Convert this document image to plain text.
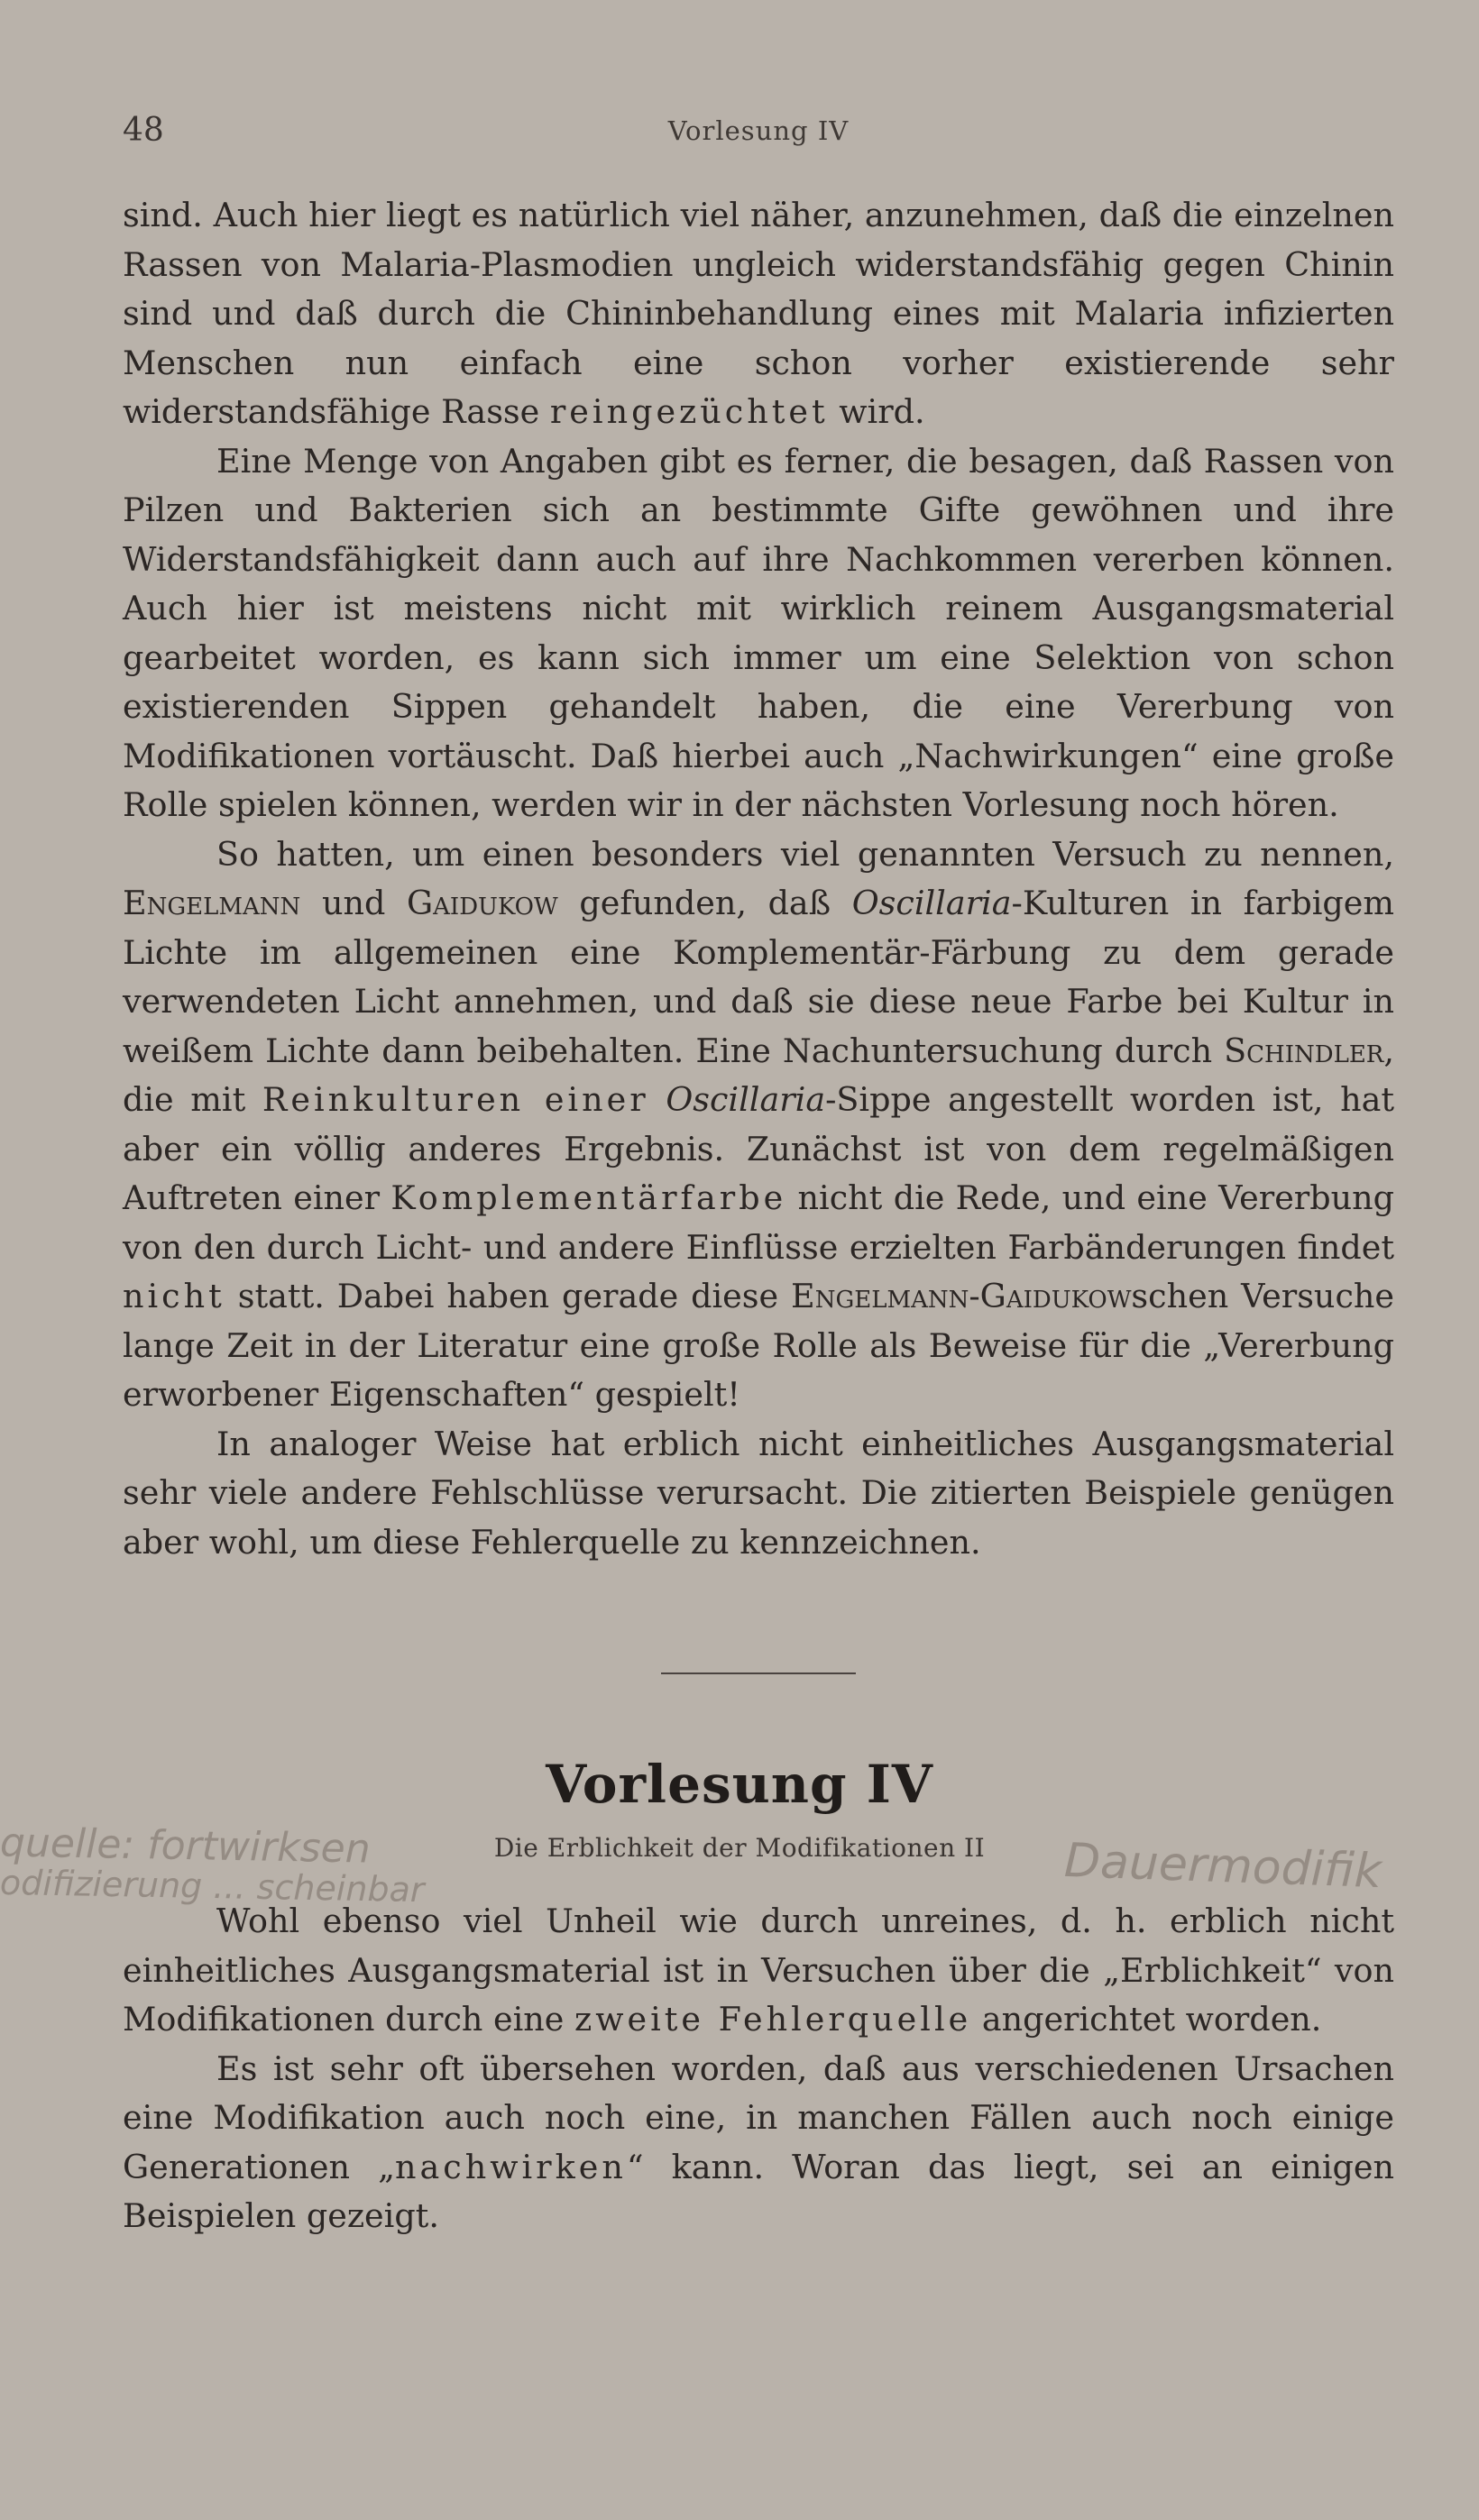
48	Vorlesung IV

sind. Auch hier liegt es natürlich viel näher, anzunehmen, daß die einzelnen Rassen von Malaria-Plasmodien ungleich widerstandsfähig gegen Chinin sind und daß durch die Chininbehandlung eines mit Malaria infizierten Menschen nun einfach eine schon vorher existierende sehr widerstandsfähige Rasse reingezüchtet wird.

Eine Menge von Angaben gibt es ferner, die besagen, daß Rassen von Pilzen und Bakterien sich an bestimmte Gifte gewöhnen und ihre Widerstandsfähigkeit dann auch auf ihre Nachkommen vererben können. Auch hier ist meistens nicht mit wirklich reinem Ausgangsmaterial gearbeitet worden, es kann sich immer um eine Selektion von schon existierenden Sippen gehandelt haben, die eine Vererbung von Modifikationen vortäuscht. Daß hierbei auch „Nachwirkungen“ eine große Rolle spielen können, werden wir in der nächsten Vorlesung noch hören.

So hatten, um einen besonders viel genannten Versuch zu nennen, Engelmann und Gaidukow gefunden, daß Oscillaria-Kulturen in farbigem Lichte im allgemeinen eine Komplementär-Färbung zu dem gerade verwendeten Licht annehmen, und daß sie diese neue Farbe bei Kultur in weißem Lichte dann beibehalten. Eine Nachuntersuchung durch Schindler, die mit Reinkulturen einer Oscillaria-Sippe angestellt worden ist, hat aber ein völlig anderes Ergebnis. Zunächst ist von dem regelmäßigen Auftreten einer Komplementärfarbe nicht die Rede, und eine Vererbung von den durch Licht- und andere Einflüsse erzielten Farbänderungen findet nicht statt. Dabei haben gerade diese Engelmann-Gaidukowschen Versuche lange Zeit in der Literatur eine große Rolle als Beweise für die „Vererbung erworbener Eigenschaften“ gespielt!

In analoger Weise hat erblich nicht einheitliches Ausgangsmaterial sehr viele andere Fehlschlüsse verursacht. Die zitierten Beispiele genügen aber wohl, um diese Fehlerquelle zu kennzeichnen.

Vorlesung IV
Die Erblichkeit der Modifikationen II
quelle: fortwirksen
odifizierung ... scheinbar	Dauermodifik

Wohl ebenso viel Unheil wie durch unreines, d. h. erblich nicht einheitliches Ausgangsmaterial ist in Versuchen über die „Erblichkeit“ von Modifikationen durch eine zweite Fehlerquelle angerichtet worden.

Es ist sehr oft übersehen worden, daß aus verschiedenen Ursachen eine Modifikation auch noch eine, in manchen Fällen auch noch einige Generationen „nachwirken“ kann. Woran das liegt, sei an einigen Beispielen gezeigt.
